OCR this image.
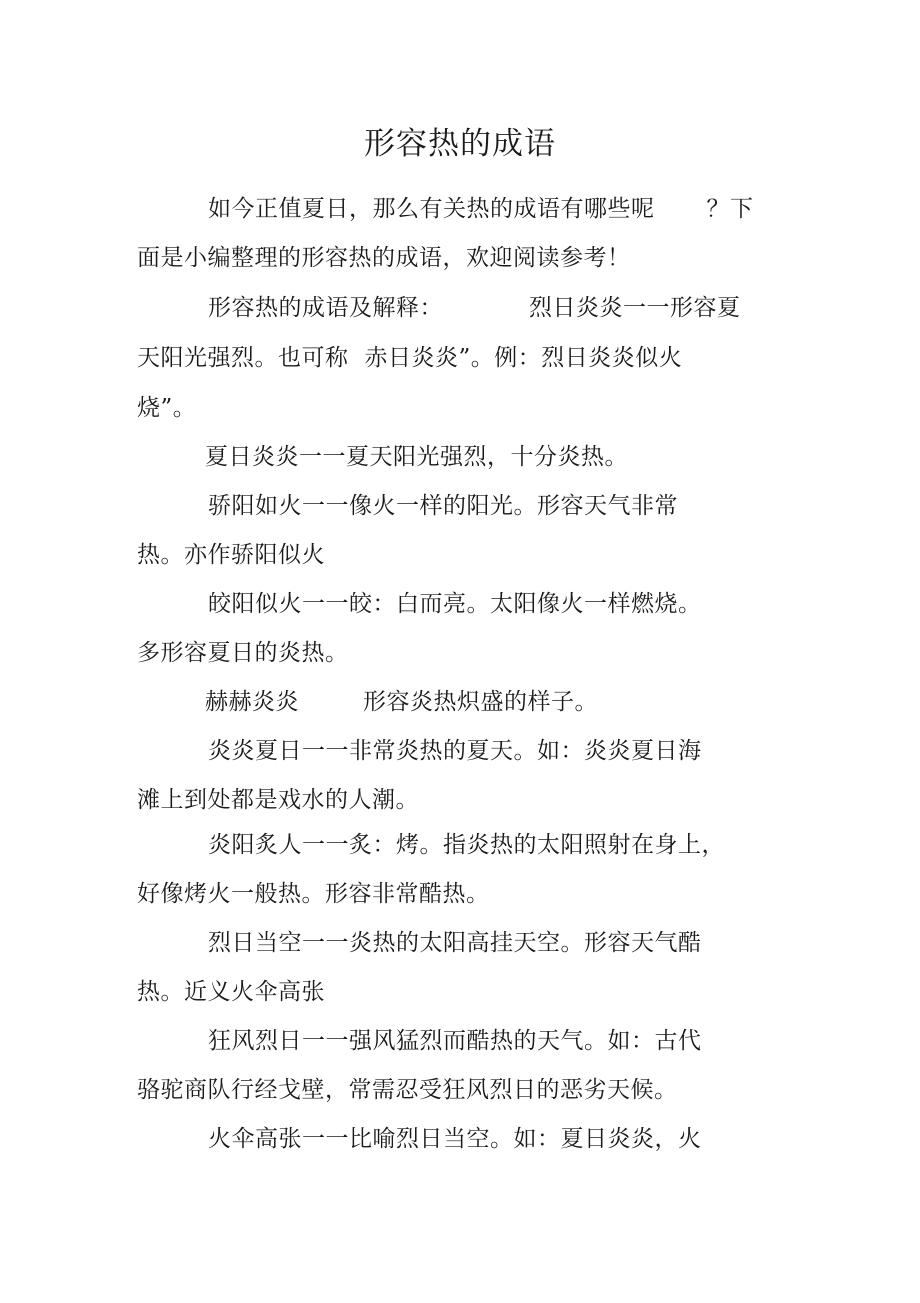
形容热的成语
如今正值夏日，那么有关热的成语有哪些呢 ？下
面是小编整理的形容热的成语，欢迎阅读参考！
形容热的成语及解释：	烈日炎炎一一形容夏
天阳光强烈。也可称 赤日炎炎”。例：烈日炎炎似火
烧”。
夏日炎炎一一夏天阳光强烈，十分炎热。
骄阳如火一一像火一样的阳光。形容天气非常
热。亦作骄阳似火
皎阳似火一一皎：白而亮。太阳像火一样燃烧。
多形容夏日的炎热。
赫赫炎炎	形容炎热炽盛的样子。
炎炎夏日一一非常炎热的夏天。如：炎炎夏日海
滩上到处都是戏水的人潮。
炎阳炙人一一炙：烤。指炎热的太阳照射在身上，
好像烤火一般热。形容非常酷热。
烈日当空一一炎热的太阳高挂天空。形容天气酷
热。近义火伞高张
狂风烈日一一强风猛烈而酷热的天气。如：古代
骆驼商队行经戈壁，常需忍受狂风烈日的恶劣天候。
火伞高张一一比喻烈日当空。如：夏日炎炎，火
